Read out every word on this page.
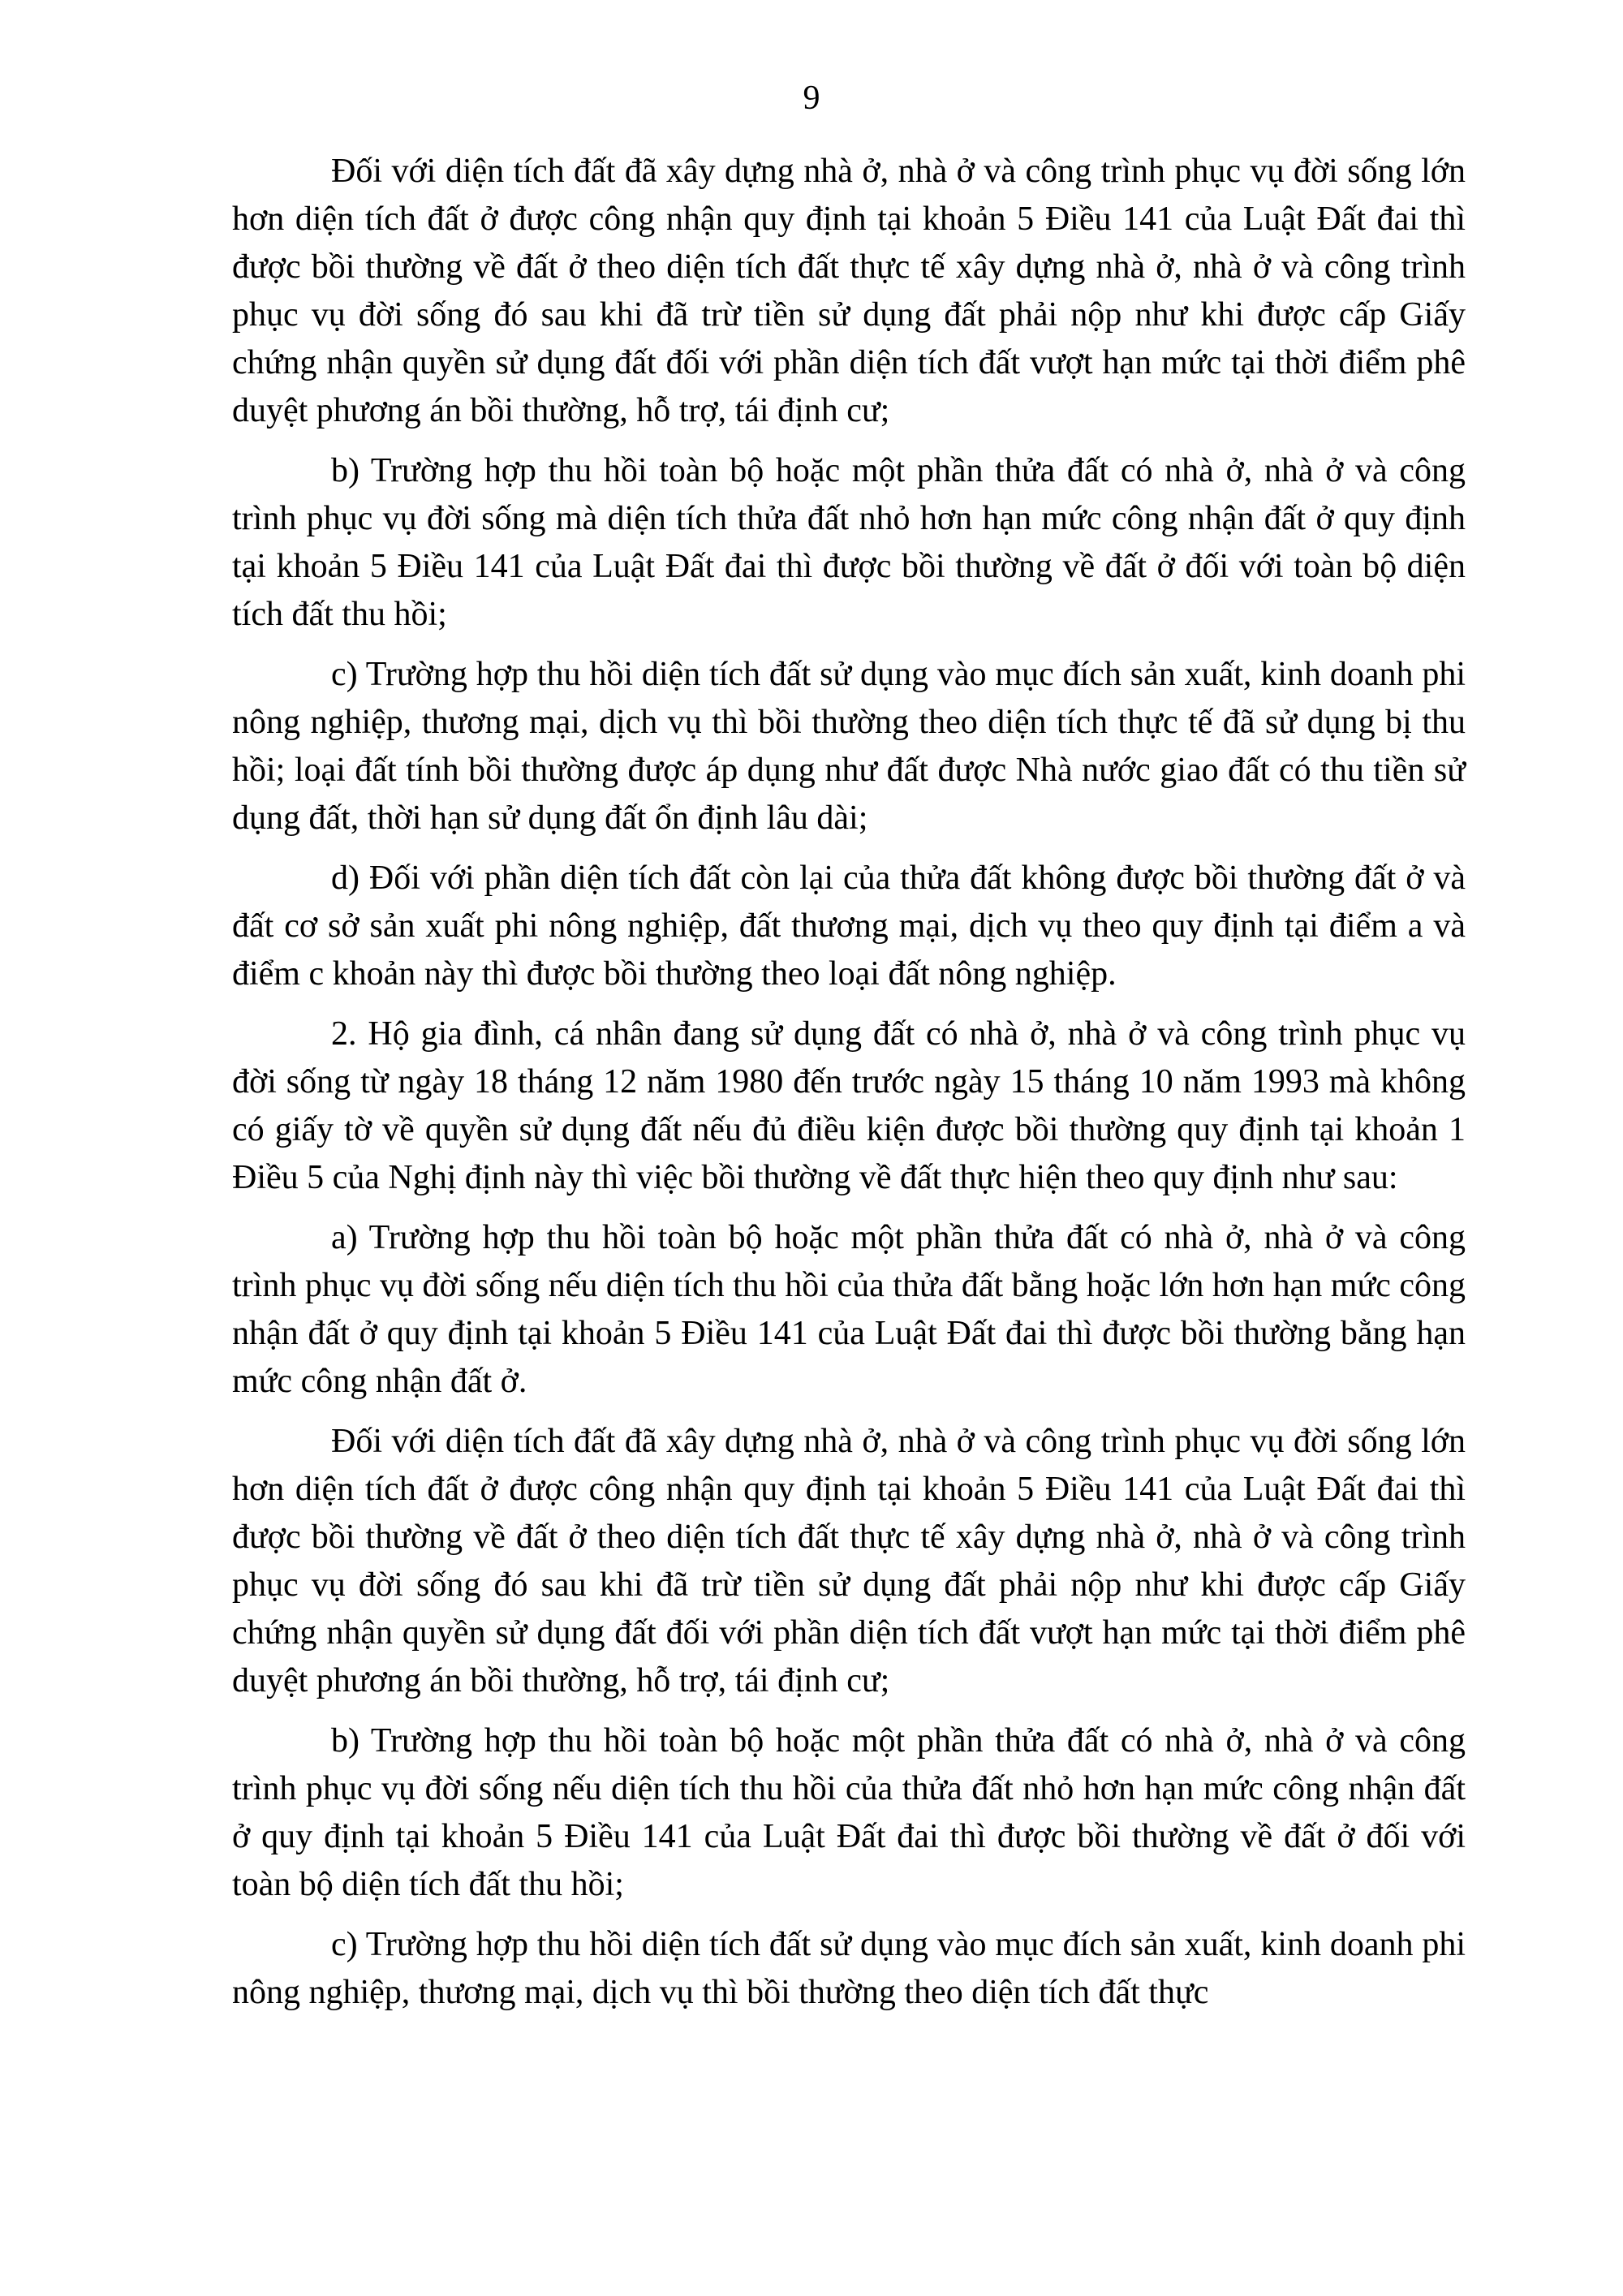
9

Đối với diện tích đất đã xây dựng nhà ở, nhà ở và công trình phục vụ đời sống lớn hơn diện tích đất ở được công nhận quy định tại khoản 5 Điều 141 của Luật Đất đai thì được bồi thường về đất ở theo diện tích đất thực tế xây dựng nhà ở, nhà ở và công trình phục vụ đời sống đó sau khi đã trừ tiền sử dụng đất phải nộp như khi được cấp Giấy chứng nhận quyền sử dụng đất đối với phần diện tích đất vượt hạn mức tại thời điểm phê duyệt phương án bồi thường, hỗ trợ, tái định cư;

b) Trường hợp thu hồi toàn bộ hoặc một phần thửa đất có nhà ở, nhà ở và công trình phục vụ đời sống mà diện tích thửa đất nhỏ hơn hạn mức công nhận đất ở quy định tại khoản 5 Điều 141 của Luật Đất đai thì được bồi thường về đất ở đối với toàn bộ diện tích đất thu hồi;

c) Trường hợp thu hồi diện tích đất sử dụng vào mục đích sản xuất, kinh doanh phi nông nghiệp, thương mại, dịch vụ thì bồi thường theo diện tích thực tế đã sử dụng bị thu hồi; loại đất tính bồi thường được áp dụng như đất được Nhà nước giao đất có thu tiền sử dụng đất, thời hạn sử dụng đất ổn định lâu dài;

d) Đối với phần diện tích đất còn lại của thửa đất không được bồi thường đất ở và đất cơ sở sản xuất phi nông nghiệp, đất thương mại, dịch vụ theo quy định tại điểm a và điểm c khoản này thì được bồi thường theo loại đất nông nghiệp.

2. Hộ gia đình, cá nhân đang sử dụng đất có nhà ở, nhà ở và công trình phục vụ đời sống từ ngày 18 tháng 12 năm 1980 đến trước ngày 15 tháng 10 năm 1993 mà không có giấy tờ về quyền sử dụng đất nếu đủ điều kiện được bồi thường quy định tại khoản 1 Điều 5 của Nghị định này thì việc bồi thường về đất thực hiện theo quy định như sau:

a) Trường hợp thu hồi toàn bộ hoặc một phần thửa đất có nhà ở, nhà ở và công trình phục vụ đời sống nếu diện tích thu hồi của thửa đất bằng hoặc lớn hơn hạn mức công nhận đất ở quy định tại khoản 5 Điều 141 của Luật Đất đai thì được bồi thường bằng hạn mức công nhận đất ở.

Đối với diện tích đất đã xây dựng nhà ở, nhà ở và công trình phục vụ đời sống lớn hơn diện tích đất ở được công nhận quy định tại khoản 5 Điều 141 của Luật Đất đai thì được bồi thường về đất ở theo diện tích đất thực tế xây dựng nhà ở, nhà ở và công trình phục vụ đời sống đó sau khi đã trừ tiền sử dụng đất phải nộp như khi được cấp Giấy chứng nhận quyền sử dụng đất đối với phần diện tích đất vượt hạn mức tại thời điểm phê duyệt phương án bồi thường, hỗ trợ, tái định cư;

b) Trường hợp thu hồi toàn bộ hoặc một phần thửa đất có nhà ở, nhà ở và công trình phục vụ đời sống nếu diện tích thu hồi của thửa đất nhỏ hơn hạn mức công nhận đất ở quy định tại khoản 5 Điều 141 của Luật Đất đai thì được bồi thường về đất ở đối với toàn bộ diện tích đất thu hồi;

c) Trường hợp thu hồi diện tích đất sử dụng vào mục đích sản xuất, kinh doanh phi nông nghiệp, thương mại, dịch vụ thì bồi thường theo diện tích đất thực
